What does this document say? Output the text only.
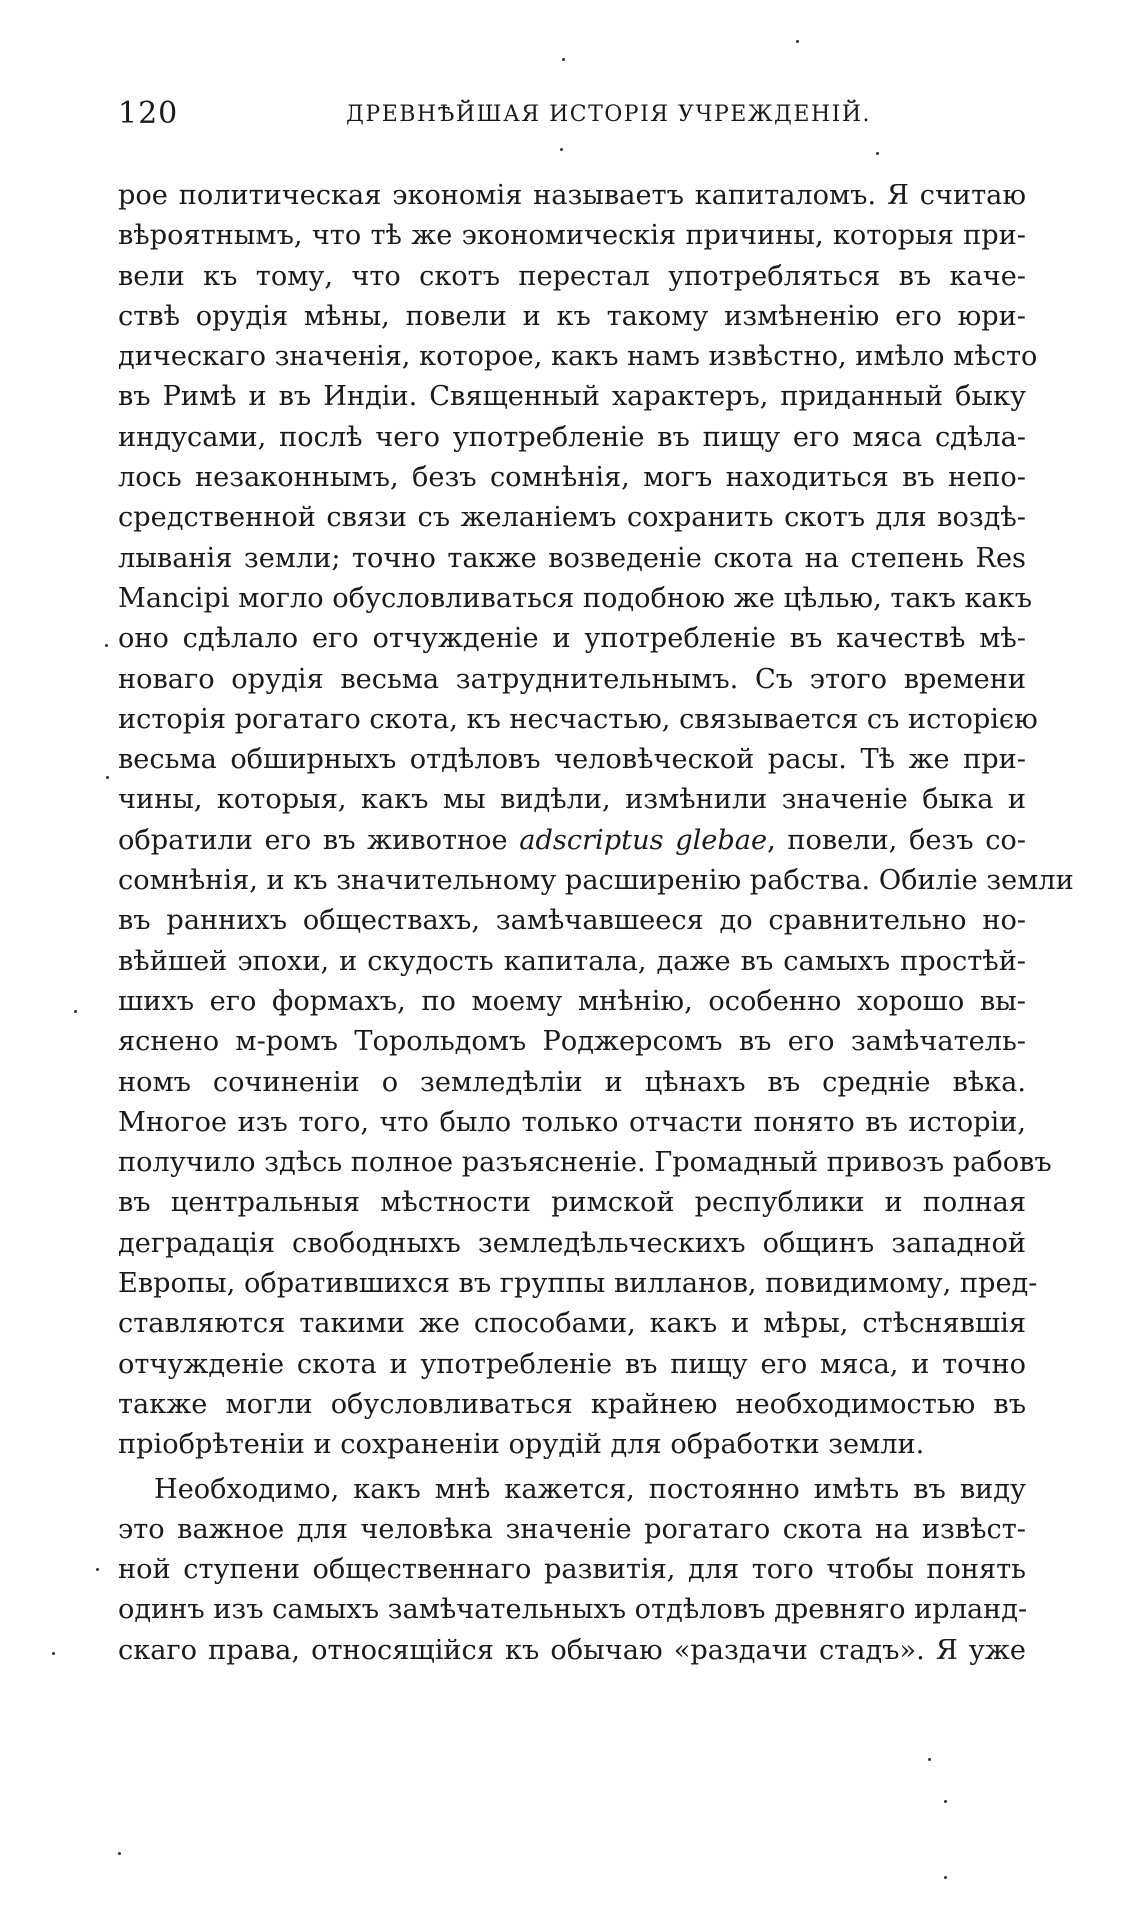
120	ДРЕВНѢЙШАЯ ИСТОРІЯ УЧРЕЖДЕНІЙ.
рое политическая экономія называетъ капиталомъ. Я считаю
вѣроятнымъ, что тѣ же экономическія причины, которыя при-
вели къ тому, что скотъ перестал употребляться въ каче-
ствѣ орудія мѣны, повели и къ такому измѣненію его юри-
дическаго значенія, которое, какъ намъ извѣстно, имѣло мѣсто
въ Римѣ и въ Индіи. Священный характеръ, приданный быку
индусами, послѣ чего употребленіе въ пищу его мяса сдѣла-
лось незаконнымъ, безъ сомнѣнія, могъ находиться въ непо-
средственной связи съ желаніемъ сохранить скотъ для воздѣ-
лыванія земли; точно также возведеніе скота на степень Res
Mancipi могло обусловливаться подобною же цѣлью, такъ какъ
оно сдѣлало его отчужденіе и употребленіе въ качествѣ мѣ-
новаго орудія весьма затруднительнымъ. Съ этого времени
исторія рогатаго скота, къ несчастью, связывается съ исторією
весьма обширныхъ отдѣловъ человѣческой расы. Тѣ же при-
чины, которыя, какъ мы видѣли, измѣнили значеніе быка и
обратили его въ животное adscriptus glebae, повели, безъ со-
сомнѣнія, и къ значительному расширенію рабства. Обиліе земли
въ раннихъ обществахъ, замѣчавшееся до сравнительно но-
вѣйшей эпохи, и скудость капитала, даже въ самыхъ простѣй-
шихъ его формахъ, по моему мнѣнію, особенно хорошо вы-
яснено м-ромъ Торольдомъ Роджерсомъ въ его замѣчатель-
номъ сочиненіи о земледѣліи и цѣнахъ въ средніе вѣка.
Многое изъ того, что было только отчасти понято въ исторіи,
получило здѣсь полное разъясненіе. Громадный привозъ рабовъ
въ центральныя мѣстности римской республики и полная
деградація свободныхъ земледѣльческихъ общинъ западной
Европы, обратившихся въ группы вилланов, повидимому, пред-
ставляются такими же способами, какъ и мѣры, стѣснявшія
отчужденіе скота и употребленіе въ пищу его мяса, и точно
также могли обусловливаться крайнею необходимостью въ
пріобрѣтеніи и сохраненіи орудій для обработки земли.
Необходимо, какъ мнѣ кажется, постоянно имѣть въ виду
это важное для человѣка значеніе рогатаго скота на извѣст-
ной ступени общественнаго развитія, для того чтобы понять
одинъ изъ самыхъ замѣчательныхъ отдѣловъ древняго ирланд-
скаго права, относящійся къ обычаю «раздачи стадъ». Я уже
